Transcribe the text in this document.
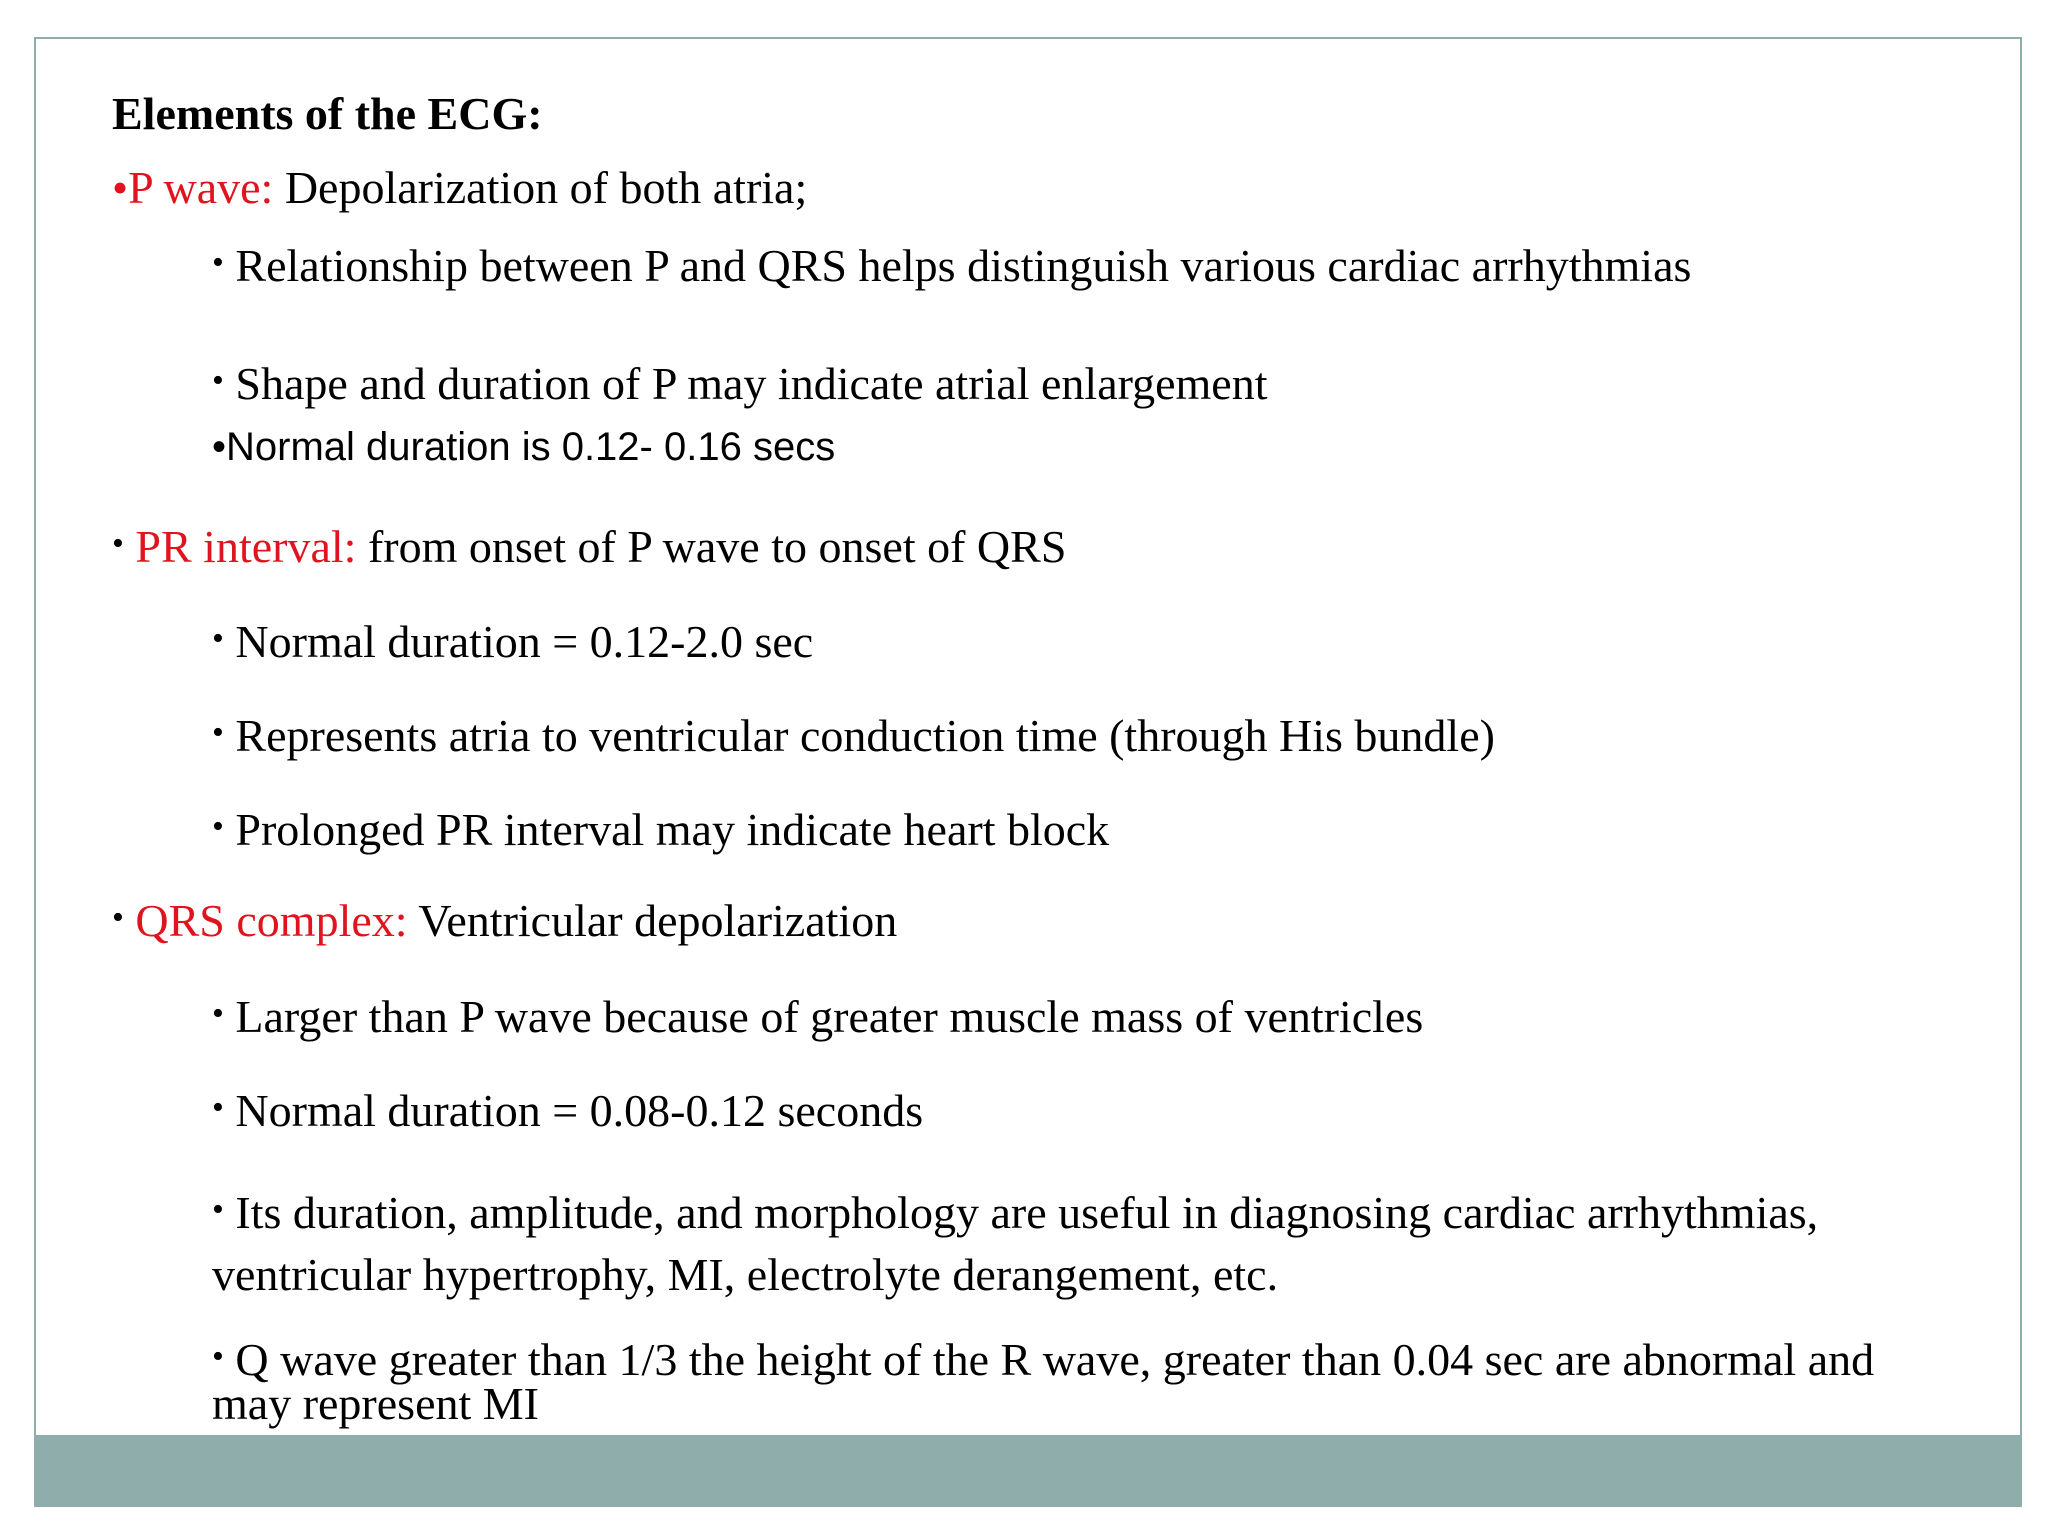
Elements of the ECG:
•P wave: Depolarization of both atria;
• Relationship between P and QRS helps distinguish various cardiac arrhythmias
• Shape and duration of P may indicate atrial enlargement
•Normal duration is 0.12- 0.16 secs
• PR interval: from onset of P wave to onset of QRS
• Normal duration = 0.12-2.0 sec
• Represents atria to ventricular conduction time (through His bundle)
• Prolonged PR interval may indicate heart block
• QRS complex: Ventricular depolarization
• Larger than P wave because of greater muscle mass of ventricles
• Normal duration = 0.08-0.12 seconds
• Its duration, amplitude, and morphology are useful in diagnosing cardiac arrhythmias, ventricular hypertrophy, MI, electrolyte derangement, etc.
• Q wave greater than 1/3 the height of the R wave, greater than 0.04 sec are abnormal and may represent MI
